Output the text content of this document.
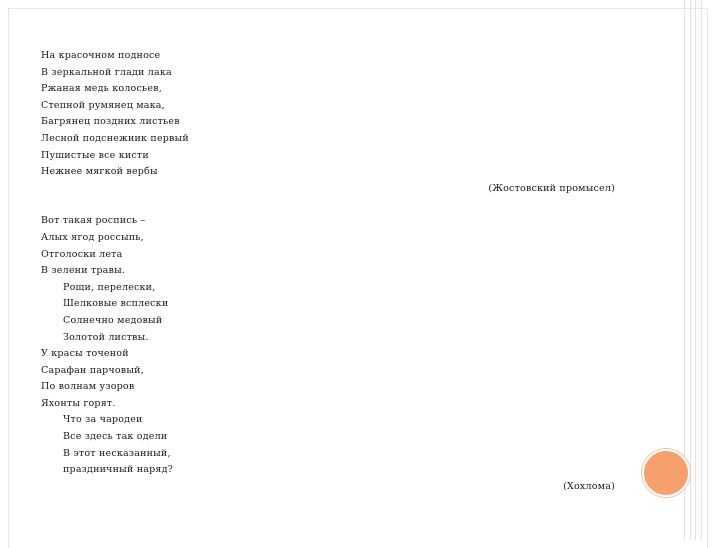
На красочном подносе
В зеркальной глади лака
Ржаная медь колосьев,
Степной румянец мака,
Багрянец поздних листьев
Лесной подснежник первый
Пушистые все кисти
Нежнее мягкой вербы
(Жостовский промысел)
Вот такая роспись –
Алых ягод россыпь,
Отголоски лета
В зелени травы.
Рощи, перелески,
Шелковые всплески
Солнечно медовый
Золотой листвы.
У красы точеной
Сарафан парчовый,
По волнам узоров
Яхонты горят.
Что за чародеи
Все здесь так одели
В этот несказанный,
праздничный наряд?
(Хохлома)
